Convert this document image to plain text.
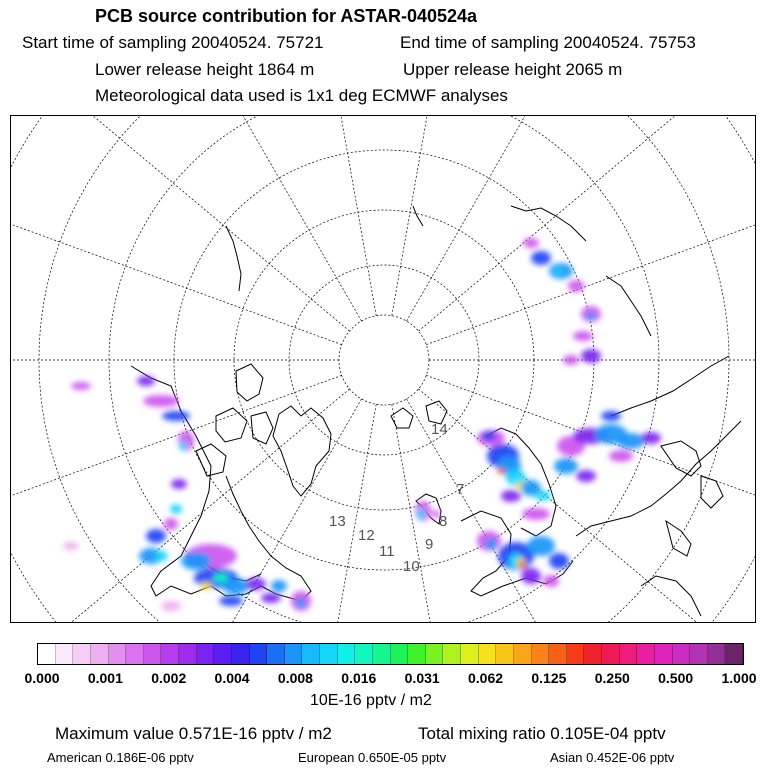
PCB source contribution for ASTAR-040524a
Start time of sampling 20040524. 75721	End time of sampling 20040524. 75753
Lower release height 1864 m	Upper release height 2065 m
Meteorological data used is 1x1 deg ECMWF analyses
14
7
8
9
10
11
12
13
0.000 0.001 0.002 0.004 0.008 0.016 0.031 0.062 0.125 0.250 0.500 1.000
10E-16 pptv / m2
Maximum value 0.571E-16 pptv / m2	Total mixing ratio 0.105E-04 pptv
American 0.186E-06 pptv	European 0.650E-05 pptv	Asian 0.452E-06 pptv
